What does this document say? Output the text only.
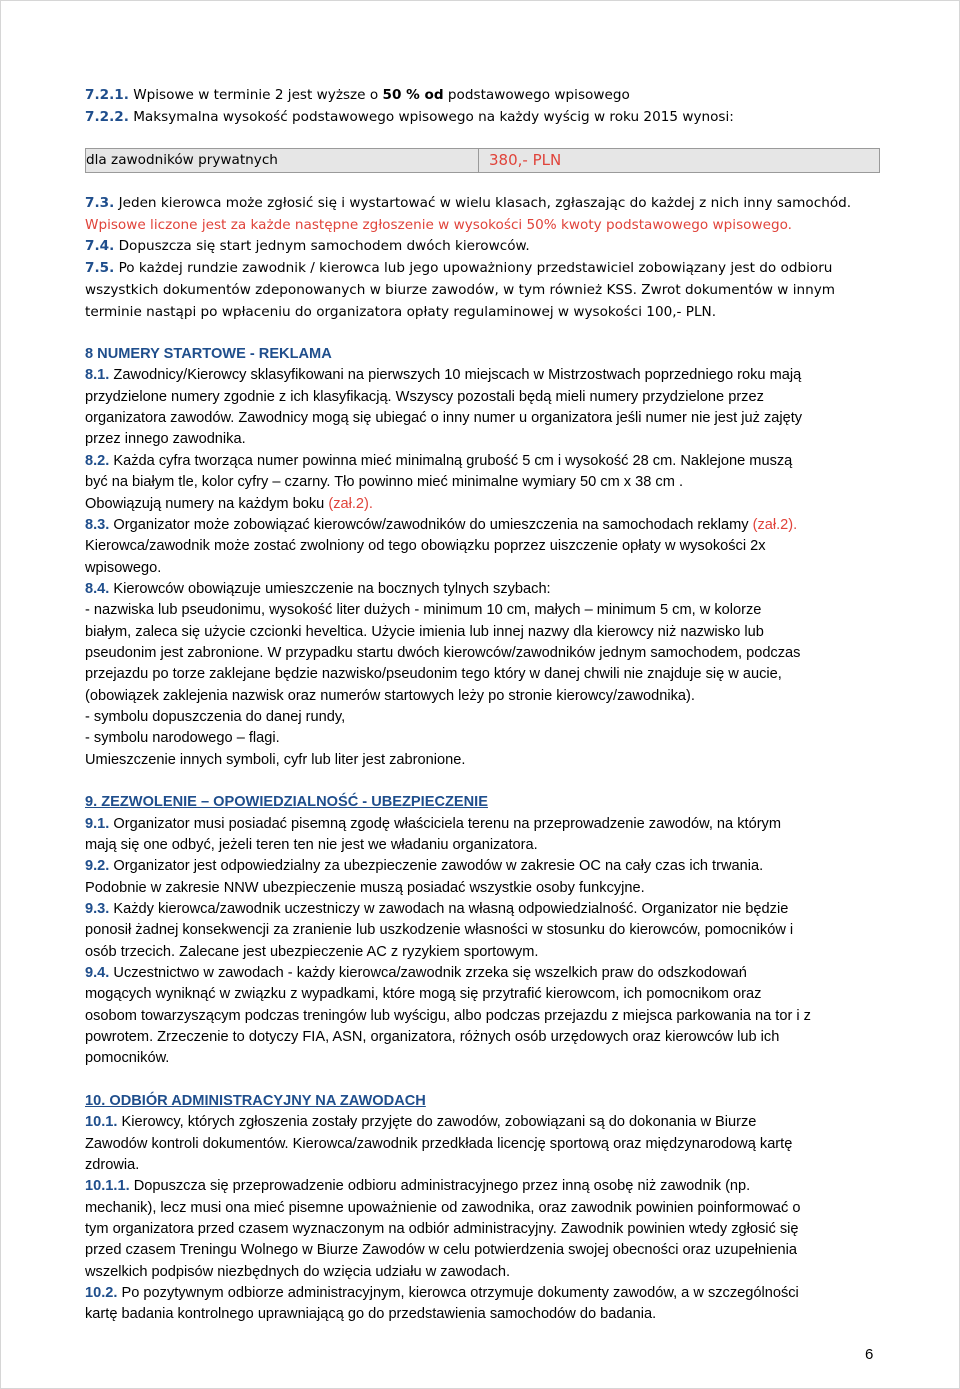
7.2.1. Wpisowe w terminie 2 jest wyższe o 50 % od podstawowego wpisowego
7.2.2. Maksymalna wysokość podstawowego wpisowego na każdy wyścig w roku 2015 wynosi:
7.3. Jeden kierowca może zgłosić się i wystartować w wielu klasach, zgłaszając do każdej z nich inny samochód.
Wpisowe liczone jest za każde następne zgłoszenie w wysokości 50% kwoty podstawowego wpisowego.
7.4. Dopuszcza się start jednym samochodem dwóch kierowców.
7.5. Po każdej rundzie zawodnik / kierowca lub jego upoważniony przedstawiciel zobowiązany jest do odbioru
wszystkich dokumentów zdeponowanych w biurze zawodów, w tym również KSS. Zwrot dokumentów w innym
terminie nastąpi po wpłaceniu do organizatora opłaty regulaminowej w wysokości 100,- PLN.
8 NUMERY STARTOWE - REKLAMA
8.1. Zawodnicy/Kierowcy sklasyfikowani na pierwszych 10 miejscach w Mistrzostwach poprzedniego roku mają
przydzielone numery zgodnie z ich klasyfikacją. Wszyscy pozostali będą mieli numery przydzielone przez
organizatora zawodów. Zawodnicy mogą się ubiegać o inny numer u organizatora jeśli numer nie jest już zajęty
przez innego zawodnika.
8.2. Każda cyfra tworząca numer powinna mieć minimalną grubość 5 cm i wysokość 28 cm. Naklejone muszą
być na białym tle, kolor cyfry – czarny. Tło powinno mieć minimalne wymiary 50 cm x 38 cm .
Obowiązują numery na każdym boku (zał.2).
8.3. Organizator może zobowiązać kierowców/zawodników do umieszczenia na samochodach reklamy (zał.2).
Kierowca/zawodnik może zostać zwolniony od tego obowiązku poprzez uiszczenie opłaty w wysokości 2x
wpisowego.
8.4. Kierowców obowiązuje umieszczenie na bocznych tylnych szybach:
- nazwiska lub pseudonimu, wysokość liter dużych - minimum 10 cm, małych – minimum 5 cm, w kolorze
białym, zaleca się użycie czcionki heveltica. Użycie imienia lub innej nazwy dla kierowcy niż nazwisko lub
pseudonim jest zabronione. W przypadku startu dwóch kierowców/zawodników jednym samochodem, podczas
przejazdu po torze zaklejane będzie nazwisko/pseudonim tego który w danej chwili nie znajduje się w aucie,
(obowiązek zaklejenia nazwisk oraz numerów startowych leży po stronie kierowcy/zawodnika).
- symbolu dopuszczenia do danej rundy,
- symbolu narodowego – flagi.
Umieszczenie innych symboli, cyfr lub liter jest zabronione.
9. ZEZWOLENIE – OPOWIEDZIALNOŚĆ - UBEZPIECZENIE
9.1. Organizator musi posiadać pisemną zgodę właściciela terenu na przeprowadzenie zawodów, na którym
mają się one odbyć, jeżeli teren ten nie jest we władaniu organizatora.
9.2. Organizator jest odpowiedzialny za ubezpieczenie zawodów w zakresie OC na cały czas ich trwania.
Podobnie w zakresie NNW ubezpieczenie muszą posiadać wszystkie osoby funkcyjne.
9.3. Każdy kierowca/zawodnik uczestniczy w zawodach na własną odpowiedzialność. Organizator nie będzie
ponosił żadnej konsekwencji za zranienie lub uszkodzenie własności w stosunku do kierowców, pomocników i
osób trzecich. Zalecane jest ubezpieczenie AC z ryzykiem sportowym.
9.4. Uczestnictwo w zawodach - każdy kierowca/zawodnik zrzeka się wszelkich praw do odszkodowań
mogących wyniknąć w związku z wypadkami, które mogą się przytrafić kierowcom, ich pomocnikom oraz
osobom towarzyszącym podczas treningów lub wyścigu, albo podczas przejazdu z miejsca parkowania na tor i z
powrotem. Zrzeczenie to dotyczy FIA, ASN, organizatora, różnych osób urzędowych oraz kierowców lub ich
pomocników.
10. ODBIÓR ADMINISTRACYJNY NA ZAWODACH
10.1. Kierowcy, których zgłoszenia zostały przyjęte do zawodów, zobowiązani są do dokonania w Biurze
Zawodów kontroli dokumentów. Kierowca/zawodnik przedkłada licencję sportową oraz międzynarodową kartę
zdrowia.
10.1.1. Dopuszcza się przeprowadzenie odbioru administracyjnego przez inną osobę niż zawodnik (np.
mechanik), lecz musi ona mieć pisemne upoważnienie od zawodnika, oraz zawodnik powinien poinformować o
tym organizatora przed czasem wyznaczonym na odbiór administracyjny. Zawodnik powinien wtedy zgłosić się
przed czasem Treningu Wolnego w Biurze Zawodów w celu potwierdzenia swojej obecności oraz uzupełnienia
wszelkich podpisów niezbędnych do wzięcia udziału w zawodach.
10.2. Po pozytywnym odbiorze administracyjnym, kierowca otrzymuje dokumenty zawodów, a w szczególności
kartę badania kontrolnego uprawniającą go do przedstawienia samochodów do badania.
dla zawodników prywatnych	380,- PLN
6
